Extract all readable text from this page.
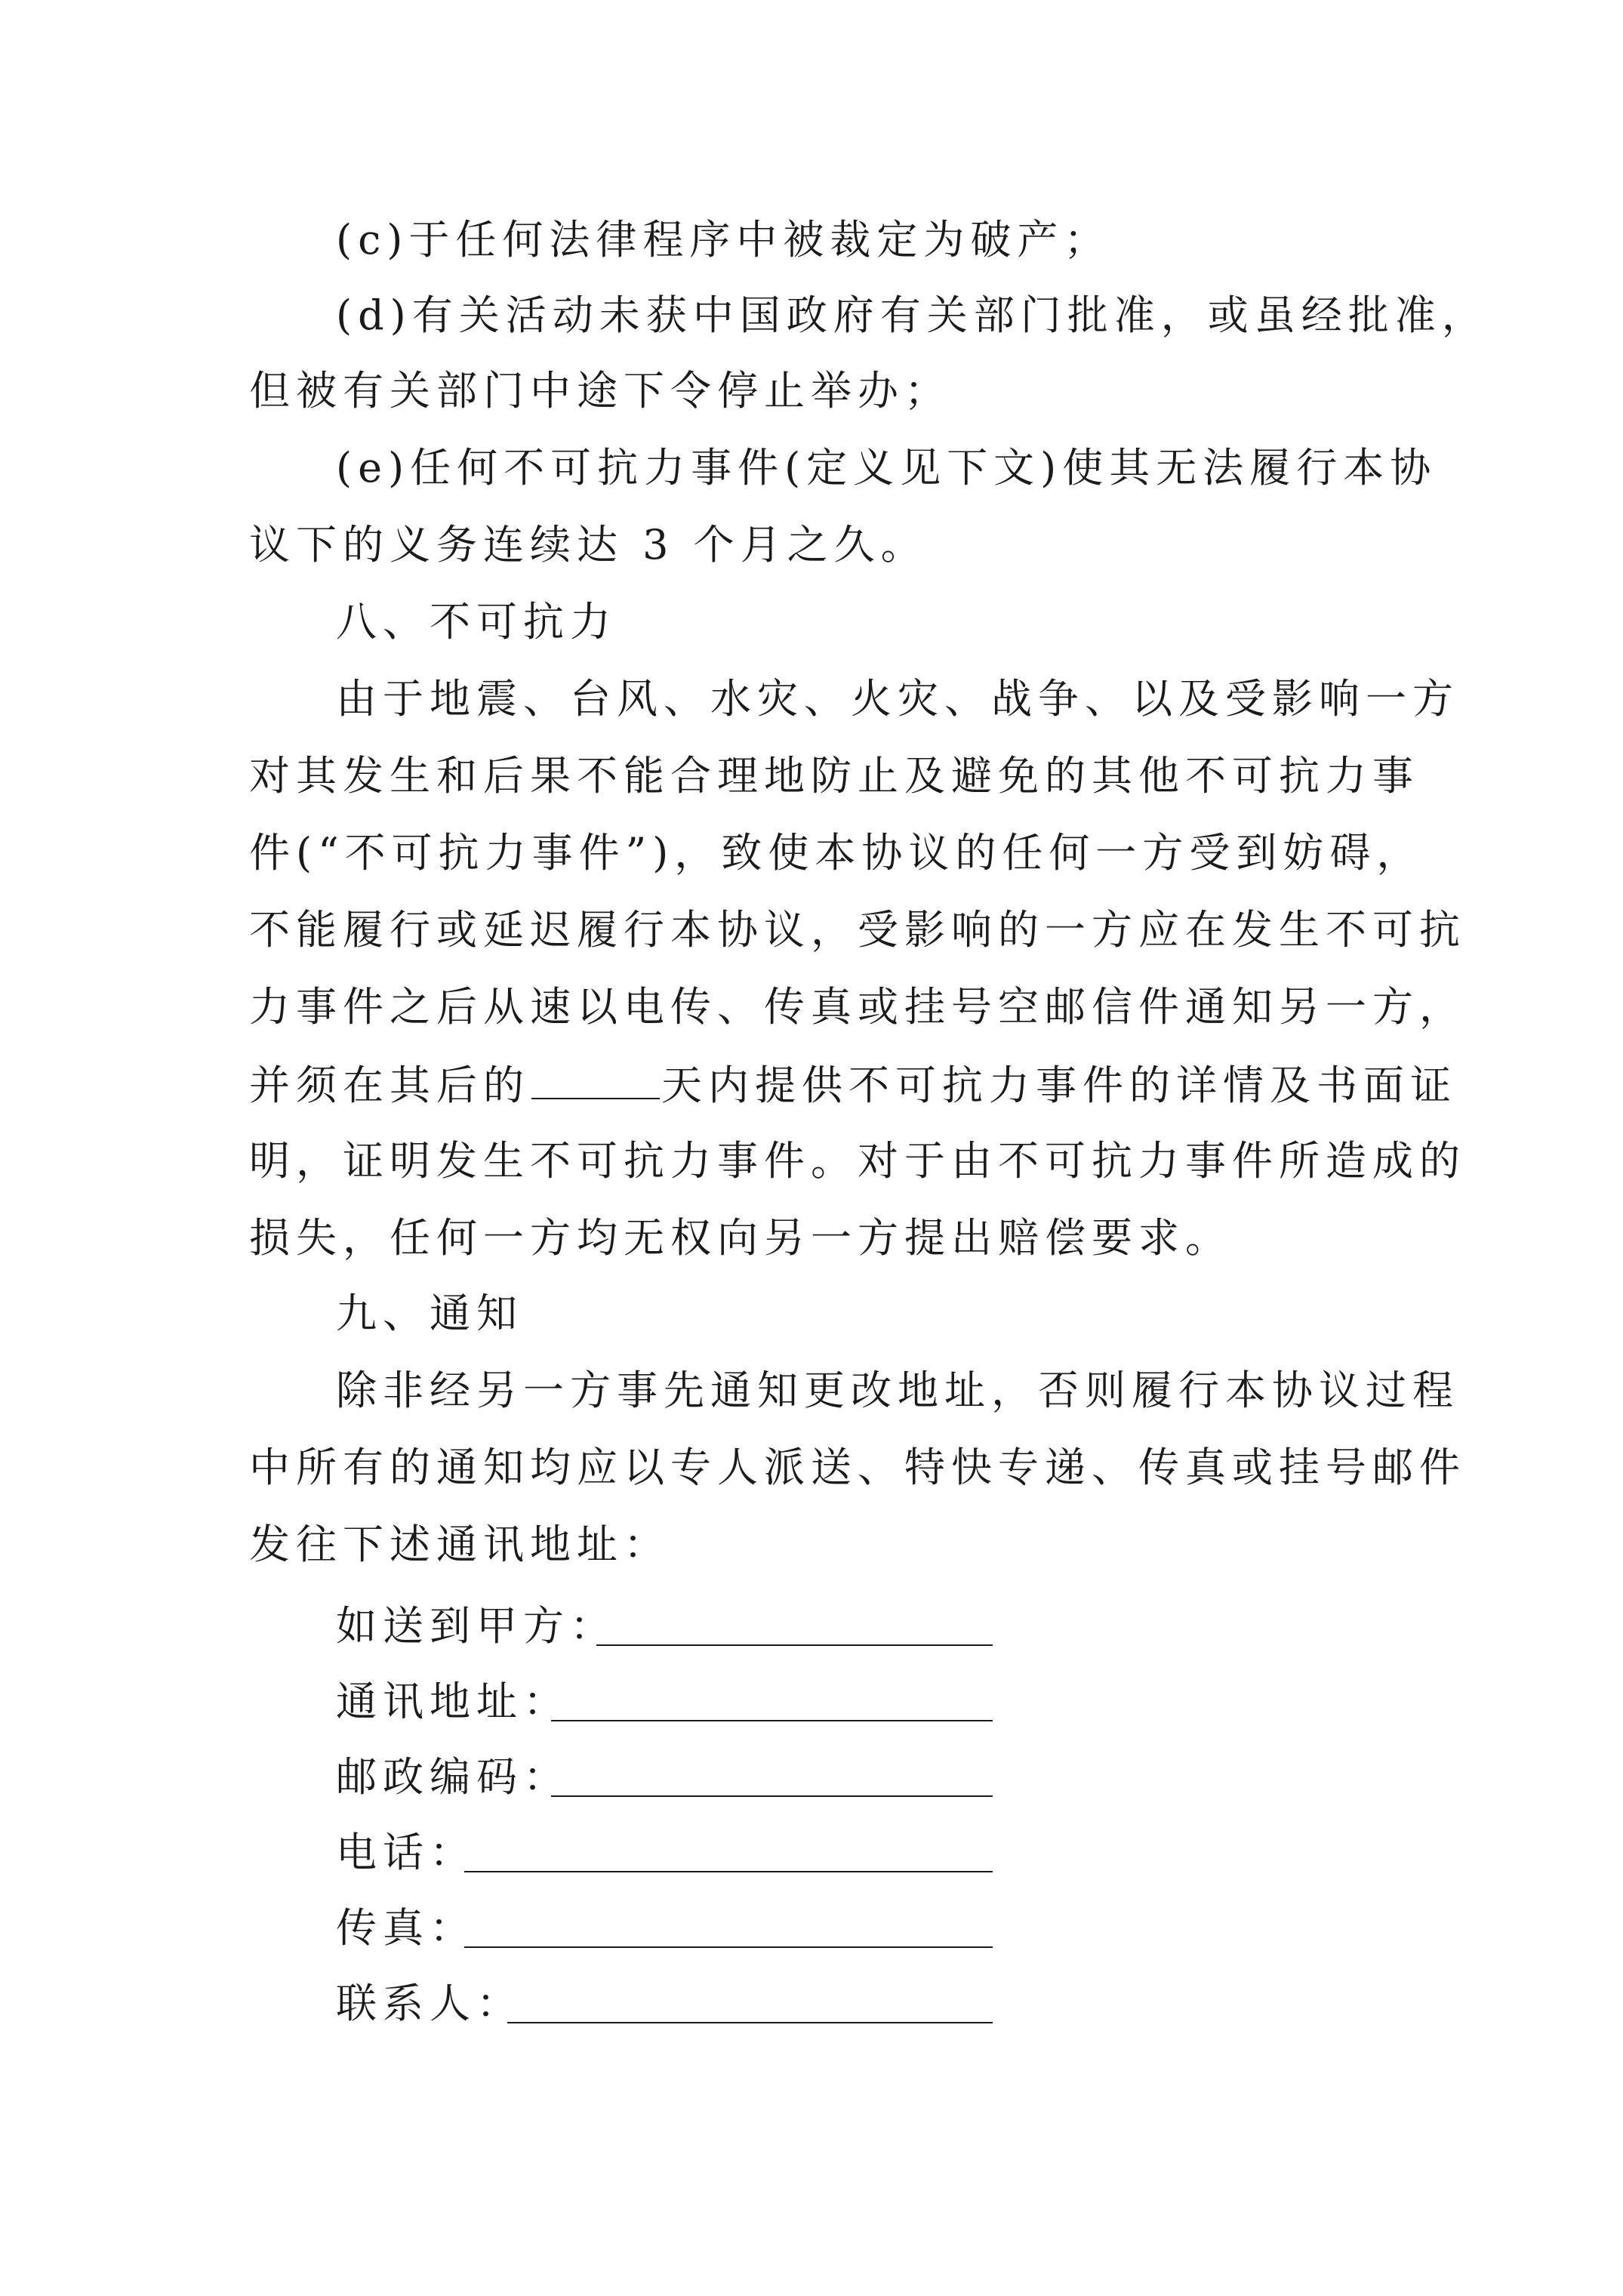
(c)于任何法律程序中被裁定为破产；
(d)有关活动未获中国政府有关部门批准，或虽经批准，
但被有关部门中途下令停止举办；
(e)任何不可抗力事件(定义见下文)使其无法履行本协
议下的义务连续达 3 个月之久。
八、不可抗力
由于地震、台风、水灾、火灾、战争、以及受影响一方
对其发生和后果不能合理地防止及避免的其他不可抗力事
件(“不可抗力事件”)，致使本协议的任何一方受到妨碍，
不能履行或延迟履行本协议，受影响的一方应在发生不可抗
力事件之后从速以电传、传真或挂号空邮信件通知另一方，
并须在其后的	天内提供不可抗力事件的详情及书面证
明，证明发生不可抗力事件。对于由不可抗力事件所造成的
损失，任何一方均无权向另一方提出赔偿要求。
九、通知
除非经另一方事先通知更改地址，否则履行本协议过程
中所有的通知均应以专人派送、特快专递、传真或挂号邮件
发往下述通讯地址：
如送到甲方：
通讯地址：
邮政编码：
电话：
传真：
联系人：
